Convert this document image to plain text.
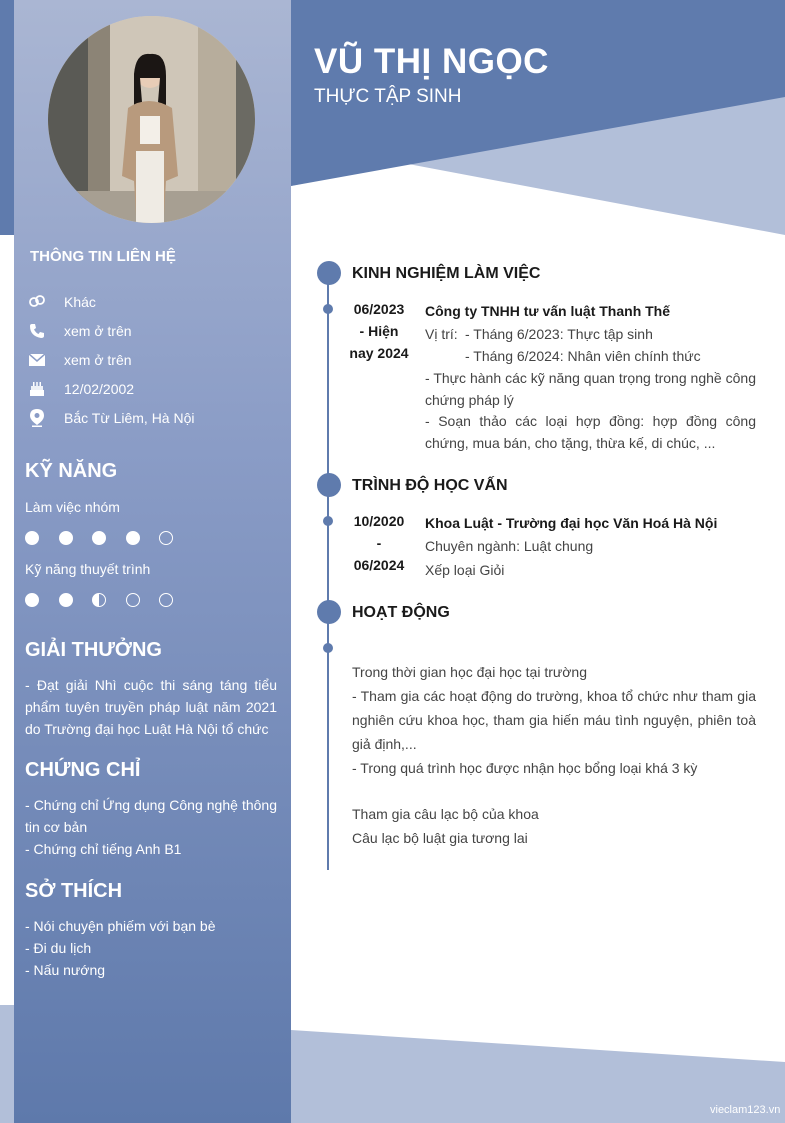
THÔNG TIN LIÊN HỆ
Khác
xem ở trên
xem ở trên
12/02/2002
Bắc Từ Liêm, Hà Nội
KỸ NĂNG
Làm việc nhóm
Kỹ năng thuyết trình
GIẢI THƯỞNG
- Đạt giải Nhì cuộc thi sáng táng tiểu phẩm tuyên truyền pháp luật năm 2021 do Trường đại học Luật Hà Nội tổ chức
CHỨNG CHỈ
- Chứng chỉ Ứng dụng Công nghệ thông tin cơ bản
- Chứng chỉ tiếng Anh B1
SỞ THÍCH
- Nói chuyện phiếm với bạn bè
- Đi du lịch
- Nấu nướng
VŨ THỊ NGỌC
THỰC TẬP SINH
KINH NGHIỆM LÀM VIỆC
06/2023
- Hiện
nay 2024
Công ty TNHH tư vấn luật Thanh Thế
Vị trí: - Tháng 6/2023: Thực tập sinh
- Tháng 6/2024: Nhân viên chính thức
- Thực hành các kỹ năng quan trọng trong nghề công chứng pháp lý
- Soạn thảo các loại hợp đồng: hợp đồng công chứng, mua bán, cho tặng, thừa kế, di chúc, ...
TRÌNH ĐỘ HỌC VẤN
10/2020
-
06/2024
Khoa Luật - Trường đại học Văn Hoá Hà Nội
Chuyên ngành: Luật chung
Xếp loại Giỏi
HOẠT ĐỘNG
Trong thời gian học đại học tại trường
- Tham gia các hoạt động do trường, khoa tổ chức như tham gia nghiên cứu khoa học, tham gia hiến máu tình nguyện, phiên toà giả định,...
- Trong quá trình học được nhận học bổng loại khá 3 kỳ
Tham gia câu lạc bộ của khoa
Câu lạc bộ luật gia tương lai
vieclam123.vn
